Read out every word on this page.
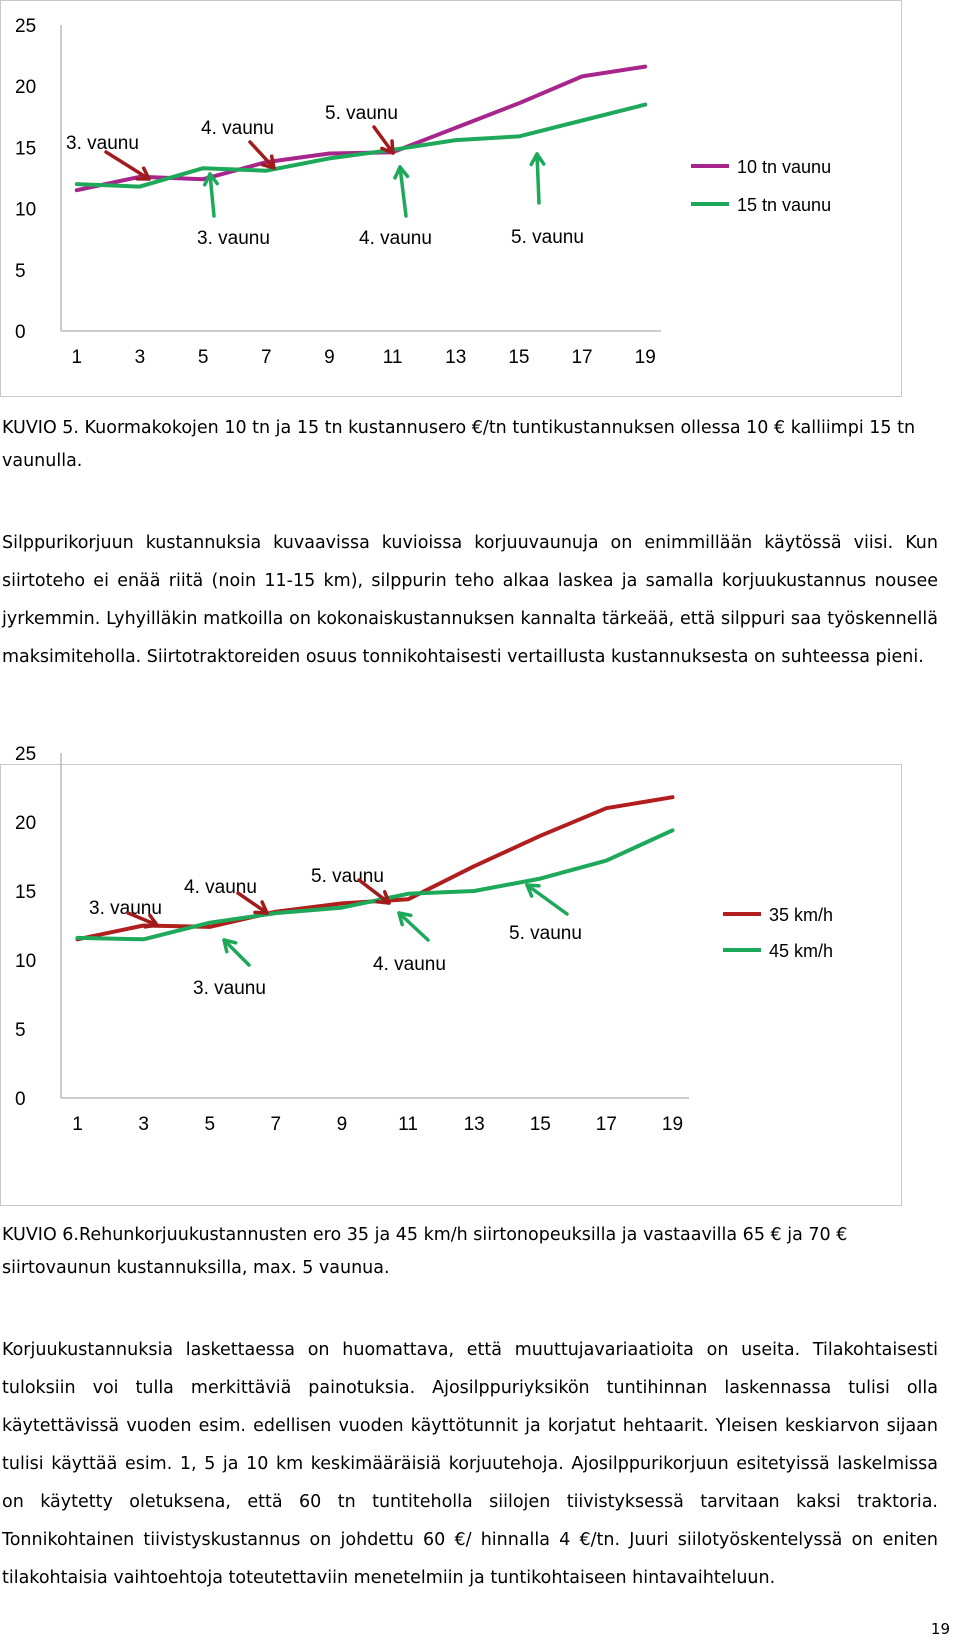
0
5
10
15
20
25
1	3	5	7	9	11 13 15 17 19
10 tn vaunu
15 tn vaunu
3. vaunu
4. vaunu
5. vaunu
3. vaunu	4. vaunu	5. vaunu

KUVIO 5. Kuormakokojen 10 tn ja 15 tn kustannusero €/tn tuntikustannuksen ollessa 10 € kalliimpi 15 tn vaunulla.

Silppurikorjuun kustannuksia kuvaavissa kuvioissa korjuuvaunuja on enimmillään käytössä viisi. Kun siirtoteho ei enää riitä (noin 11-15 km), silppurin teho alkaa laskea ja samalla korjuukustannus nousee jyrkemmin. Lyhyilläkin matkoilla on kokonaiskustannuksen kannalta tärkeää, että silppuri saa työskennellä maksimiteholla. Siirtotraktoreiden osuus tonnikohtaisesti vertaillusta kustannuksesta on suhteessa pieni.

0
5
10
15
20
25
1	3	5	7	9	11 13 15 17 19
35 km/h
45 km/h
3. vaunu
4. vaunu
5. vaunu
3. vaunu
4. vaunu
5. vaunu

KUVIO 6.Rehunkorjuukustannusten ero 35 ja 45 km/h siirtonopeuksilla ja vastaavilla 65 € ja 70 € siirtovaunun kustannuksilla, max. 5 vaunua.

Korjuukustannuksia laskettaessa on huomattava, että muuttujavariaatioita on useita. Tilakohtaisesti tuloksiin voi tulla merkittäviä painotuksia. Ajosilppuriyksikön tuntihinnan laskennassa tulisi olla käytettävissä vuoden esim. edellisen vuoden käyttötunnit ja korjatut hehtaarit. Yleisen keskiarvon sijaan tulisi käyttää esim. 1, 5 ja 10 km keskimääräisiä korjuutehoja. Ajosilppurikorjuun esitetyissä laskelmissa on käytetty oletuksena, että 60 tn tuntiteholla siilojen tiivistyksessä tarvitaan kaksi traktoria. Tonnikohtainen tiivistyskustannus on johdettu 60 €/ hinnalla 4 €/tn. Juuri siilotyöskentelyssä on eniten tilakohtaisia vaihtoehtoja toteutettaviin menetelmiin ja tuntikohtaiseen hintavaihteluun.

19
